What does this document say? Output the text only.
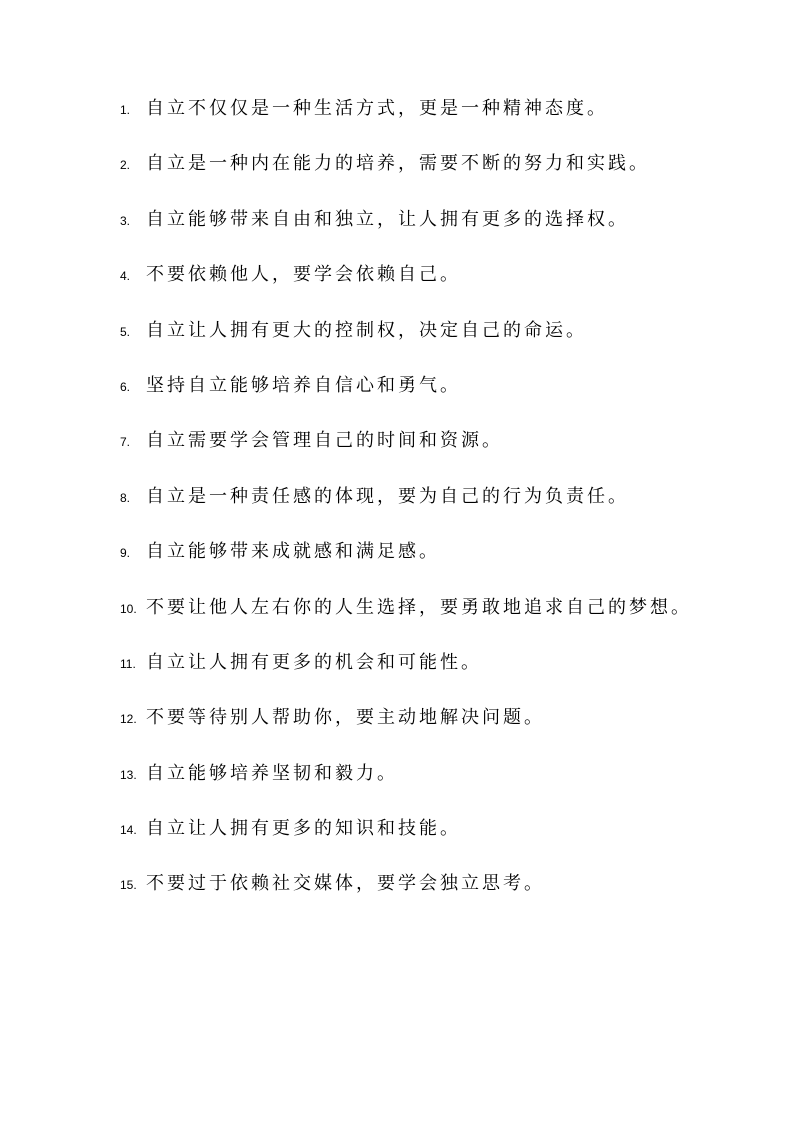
1. 自立不仅仅是一种生活方式，更是一种精神态度。
2. 自立是一种内在能力的培养，需要不断的努力和实践。
3. 自立能够带来自由和独立，让人拥有更多的选择权。
4. 不要依赖他人，要学会依赖自己。
5. 自立让人拥有更大的控制权，决定自己的命运。
6. 坚持自立能够培养自信心和勇气。
7. 自立需要学会管理自己的时间和资源。
8. 自立是一种责任感的体现，要为自己的行为负责任。
9. 自立能够带来成就感和满足感。
10. 不要让他人左右你的人生选择，要勇敢地追求自己的梦想。
11. 自立让人拥有更多的机会和可能性。
12. 不要等待别人帮助你，要主动地解决问题。
13. 自立能够培养坚韧和毅力。
14. 自立让人拥有更多的知识和技能。
15. 不要过于依赖社交媒体，要学会独立思考。
